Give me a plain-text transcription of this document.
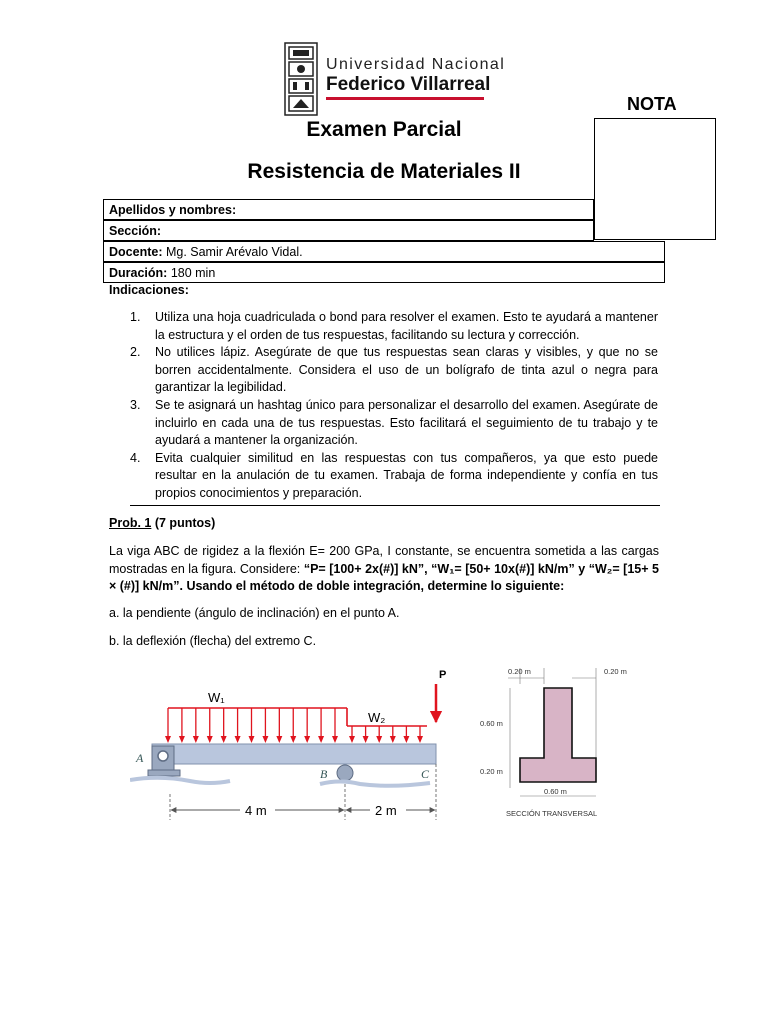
Universidad Nacional
Federico Villarreal
NOTA
Examen Parcial
Resistencia de Materiales II
Apellidos y nombres:
Sección:
Docente: Mg. Samir Arévalo Vidal.
Duración: 180 min
Indicaciones:
1. Utiliza una hoja cuadriculada o bond para resolver el examen. Esto te ayudará a mantener la estructura y el orden de tus respuestas, facilitando su lectura y corrección.
2. No utilices lápiz. Asegúrate de que tus respuestas sean claras y visibles, y que no se borren accidentalmente. Considera el uso de un bolígrafo de tinta azul o negra para garantizar la legibilidad.
3. Se te asignará un hashtag único para personalizar el desarrollo del examen. Asegúrate de incluirlo en cada una de tus respuestas. Esto facilitará el seguimiento de tu trabajo y te ayudará a mantener la organización.
4. Evita cualquier similitud en las respuestas con tus compañeros, ya que esto puede resultar en la anulación de tu examen. Trabaja de forma independiente y confía en tus propios conocimientos y preparación.
Prob. 1 (7 puntos)
La viga ABC de rigidez a la flexión E= 200 GPa, I constante, se encuentra sometida a las cargas mostradas en la figura. Considere: “P= [100+ 2x(#)] kN”, “W₁= [50+ 10x(#)] kN/m” y “W₂= [15+ 5 × (#)] kN/m”. Usando el método de doble integración, determine lo siguiente:
a. la pendiente (ángulo de inclinación) en el punto A.
b. la deflexión (flecha) del extremo C.
W₁
W₂
P
A
B	C
4 m	2 m
0.20 m	0.20 m
0.60 m
0.20 m
0.60 m
SECCIÓN TRANSVERSAL
